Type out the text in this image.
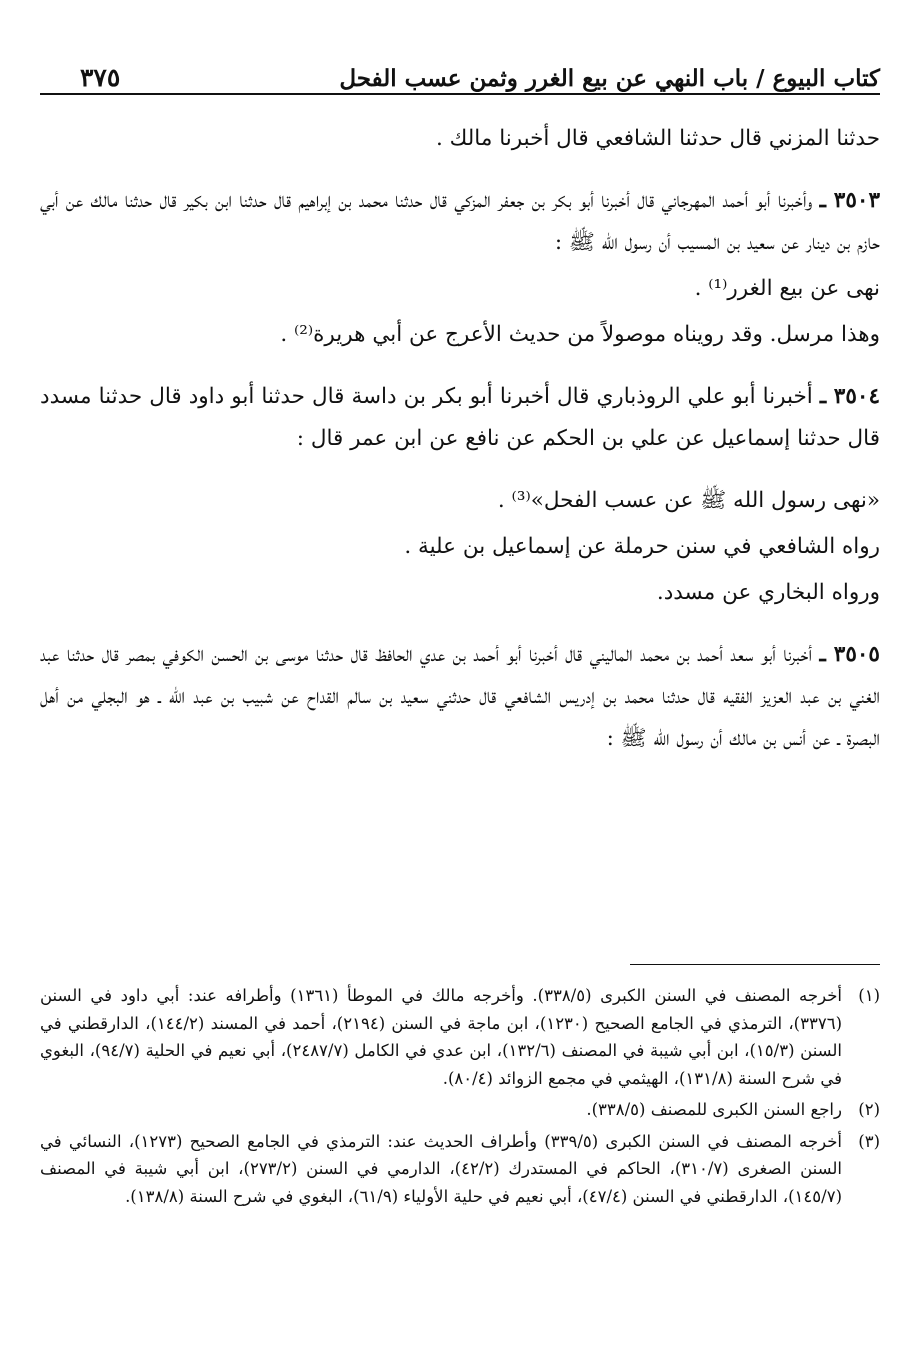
كتاب البيوع / باب النهي عن بيع الغرر وثمن عسب الفحل
٣٧٥

حدثنا المزني قال حدثنا الشافعي قال أخبرنا مالك .

٣٥٠٣ ـ وأخبرنا أبو أحمد المهرجاني قال أخبرنا أبو بكر بن جعفر المزكي قال حدثنا محمد بن إبراهيم قال حدثنا ابن بكير قال حدثنا مالك عن أبي حازم بن دينار عن سعيد بن المسيب أن رسول الله ﷺ :

نهى عن بيع الغرر⁽¹⁾ .

وهذا مرسل. وقد رويناه موصولاً من حديث الأعرج عن أبي هريرة⁽²⁾ .

٣٥٠٤ ـ أخبرنا أبو علي الروذباري قال أخبرنا أبو بكر بن داسة قال حدثنا أبو داود قال حدثنا مسدد قال حدثنا إسماعيل عن علي بن الحكم عن نافع عن ابن عمر قال :

«نهى رسول الله ﷺ عن عسب الفحل»⁽³⁾ .

رواه الشافعي في سنن حرملة عن إسماعيل بن علية .

ورواه البخاري عن مسدد.

٣٥٠٥ ـ أخبرنا أبو سعد أحمد بن محمد الماليني قال أخبرنا أبو أحمد بن عدي الحافظ قال حدثنا موسى بن الحسن الكوفي بمصر قال حدثنا عبد الغني بن عبد العزيز الفقيه قال حدثنا محمد بن إدريس الشافعي قال حدثني سعيد بن سالم القداح عن شبيب بن عبد الله ـ هو البجلي من أهل البصرة ـ عن أنس بن مالك أن رسول الله ﷺ :

(١)
أخرجه المصنف في السنن الكبرى (٣٣٨/٥). وأخرجه مالك في الموطأ (١٣٦١) وأطرافه عند: أبي داود في السنن (٣٣٧٦)، الترمذي في الجامع الصحيح (١٢٣٠)، ابن ماجة في السنن (٢١٩٤)، أحمد في المسند (١٤٤/٢)، الدارقطني في السنن (١٥/٣)، ابن أبي شيبة في المصنف (١٣٢/٦)، ابن عدي في الكامل (٢٤٨٧/٧)، أبي نعيم في الحلية (٩٤/٧)، البغوي في شرح السنة (١٣١/٨)، الهيثمي في مجمع الزوائد (٨٠/٤).
(٢)
راجع السنن الكبرى للمصنف (٣٣٨/٥).
(٣)
أخرجه المصنف في السنن الكبرى (٣٣٩/٥) وأطراف الحديث عند: الترمذي في الجامع الصحيح (١٢٧٣)، النسائي في السنن الصغرى (٣١٠/٧)، الحاكم في المستدرك (٤٢/٢)، الدارمي في السنن (٢٧٣/٢)، ابن أبي شيبة في المصنف (١٤٥/٧)، الدارقطني في السنن (٤٧/٤)، أبي نعيم في حلية الأولياء (٦١/٩)، البغوي في شرح السنة (١٣٨/٨).
